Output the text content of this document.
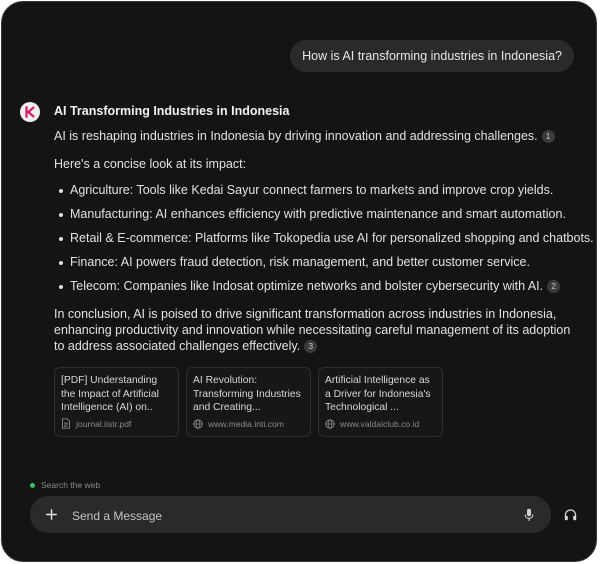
How is AI transforming industries in Indonesia?
AI Transforming Industries in Indonesia

AI is reshaping industries in Indonesia by driving innovation and addressing challenges. 1

Here's a concise look at its impact:

Agriculture: Tools like Kedai Sayur connect farmers to markets and improve crop yields.
Manufacturing: AI enhances efficiency with predictive maintenance and smart automation.
Retail & E-commerce: Platforms like Tokopedia use AI for personalized shopping and chatbots.
Finance: AI powers fraud detection, risk management, and better customer service.
Telecom: Companies like Indosat optimize networks and bolster cybersecurity with AI. 2

In conclusion, AI is poised to drive significant transformation across industries in Indonesia, enhancing productivity and innovation while necessitating careful management of its adoption to address associated challenges effectively. 3

[PDF] Understanding the Impact of Artificial Intelligence (AI) on..
journal.iistr.pdf
AI Revolution: Transforming Industries and Creating...
www.media.inti.com
Artificial Intelligence as a Driver for Indonesia's Technological ...
www.valdaiclub.co.id
Search the web
Send a Message
